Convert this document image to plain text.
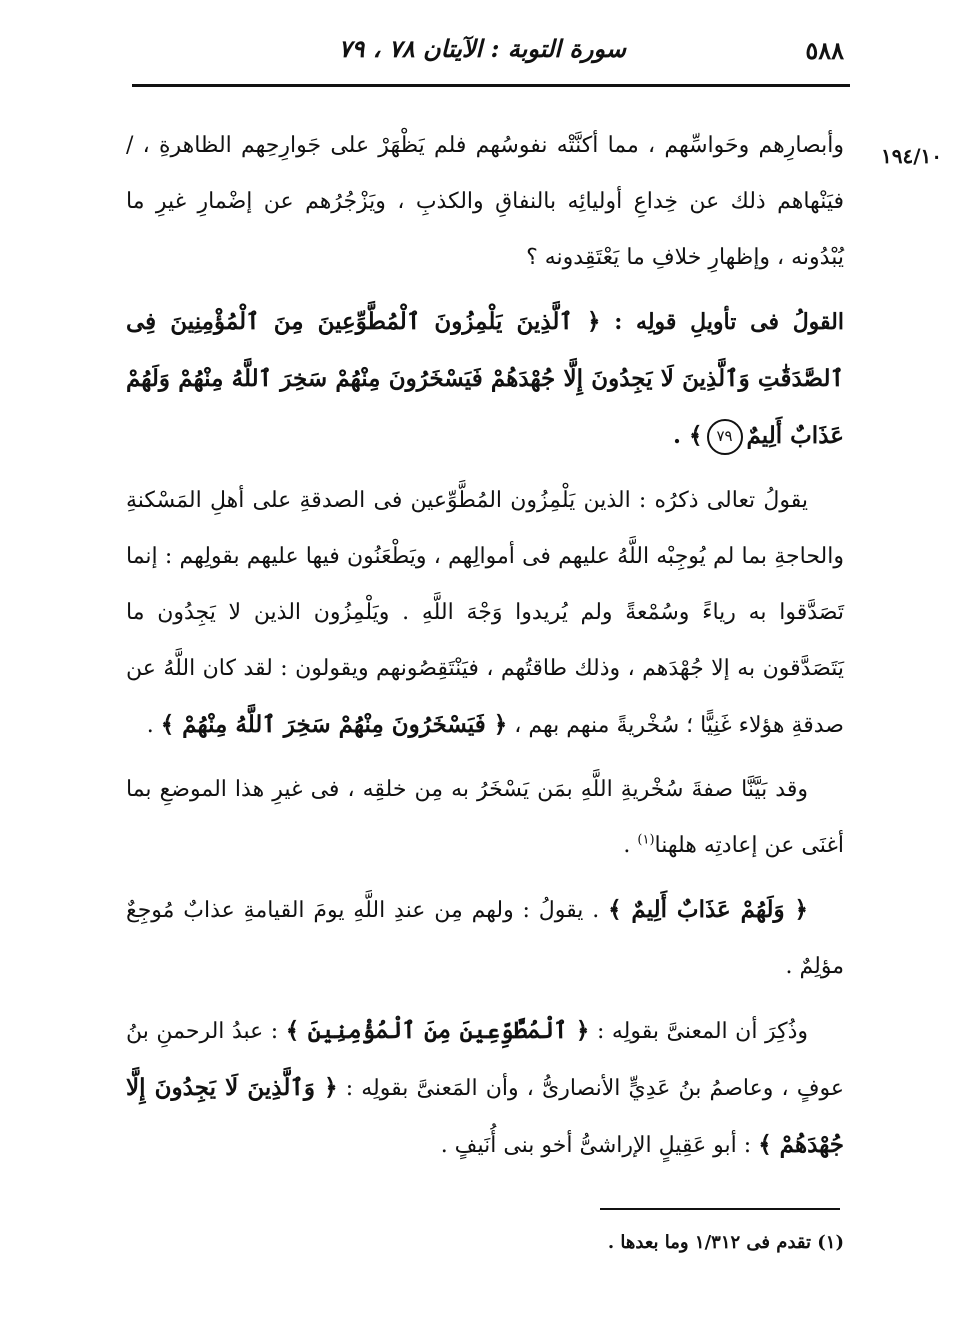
٥٨٨
سورة التوبة : الآيتان ٧٨ ، ٧٩
١٩٤/١٠

وأبصارِهم وحَواسِّهم ، مما أكنَّتْه نفوسُهم فلم يَظْهَرْ على جَوارِحِهم الظاهرةِ ، / فيَنْهاهم ذلك عن خِداعِ أوليائِه بالنفاقِ والكذبِ ، ويَزْجُرُهم عن إضْمارِ غيرِ ما يُبْدُونه ، وإظهارِ خلافِ ما يَعْتَقِدونه ؟

القولُ فى تأويلِ قولِه : ﴿ ٱلَّذِينَ يَلْمِزُونَ ٱلْمُطَّوِّعِينَ مِنَ ٱلْمُؤْمِنِينَ فِى ٱلصَّدَقَٰتِ وَٱلَّذِينَ لَا يَجِدُونَ إِلَّا جُهْدَهُمْ فَيَسْخَرُونَ مِنْهُمْ سَخِرَ ٱللَّهُ مِنْهُمْ وَلَهُمْ عَذَابٌ أَلِيمٌ٧٩﴾ .

يقولُ تعالى ذكرُه : الذين يَلْمِزُون المُطَّوِّعين فى الصدقةِ على أهلِ المَسْكنةِ والحاجةِ بما لم يُوجِبْه اللَّهُ عليهم فى أموالِهم ، ويَطْعَنُون فيها عليهم بقولِهم : إنما تَصَدَّقوا به رياءً وسُمْعةً ولم يُريدوا وَجْهَ اللَّهِ . ويَلْمِزُون الذين لا يَجِدُون ما يَتَصَدَّقون به إلا جُهْدَهم ، وذلك طاقتُهم ، فيَنْتَقِصُونهم ويقولون : لقد كان اللَّهُ عن صدقةِ هؤلاء غَنِيًّا ؛ سُخْريةً منهم بهم ، ﴿ فَيَسْخَرُونَ مِنْهُمْ سَخِرَ ٱللَّهُ مِنْهُمْ ﴾ .

وقد بَيَّنَّا صفةَ سُخْريةِ اللَّهِ بمَن يَسْخَرُ به مِن خلقِه ، فى غيرِ هذا الموضعِ بما أغنَى عن إعادتِه هلهنا$^{(١)}$ .

﴿ وَلَهُمْ عَذَابٌ أَلِيمٌ ﴾ . يقولُ : ولهم مِن عندِ اللَّهِ يومَ القيامةِ عذابٌ مُوجِعٌ مؤلِمٌ .

وذُكِرَ أن المعنىَّ بقولِه : ﴿ ٱلْمُطَّوِّعِينَ مِنَ ٱلْمُؤْمِنِينَ ﴾ : عبدُ الرحمنِ بنُ عوفٍ ، وعاصمُ بنُ عَدِيٍّ الأنصارىُّ ، وأن المَعنىَّ بقولِه : ﴿ وَٱلَّذِينَ لَا يَجِدُونَ إِلَّا جُهْدَهُمْ ﴾ : أبو عَقِيلٍ الإراشىُّ أخو بنى أُنَيفٍ .

(١) تقدم فى ١/٣١٢ وما بعدها .
